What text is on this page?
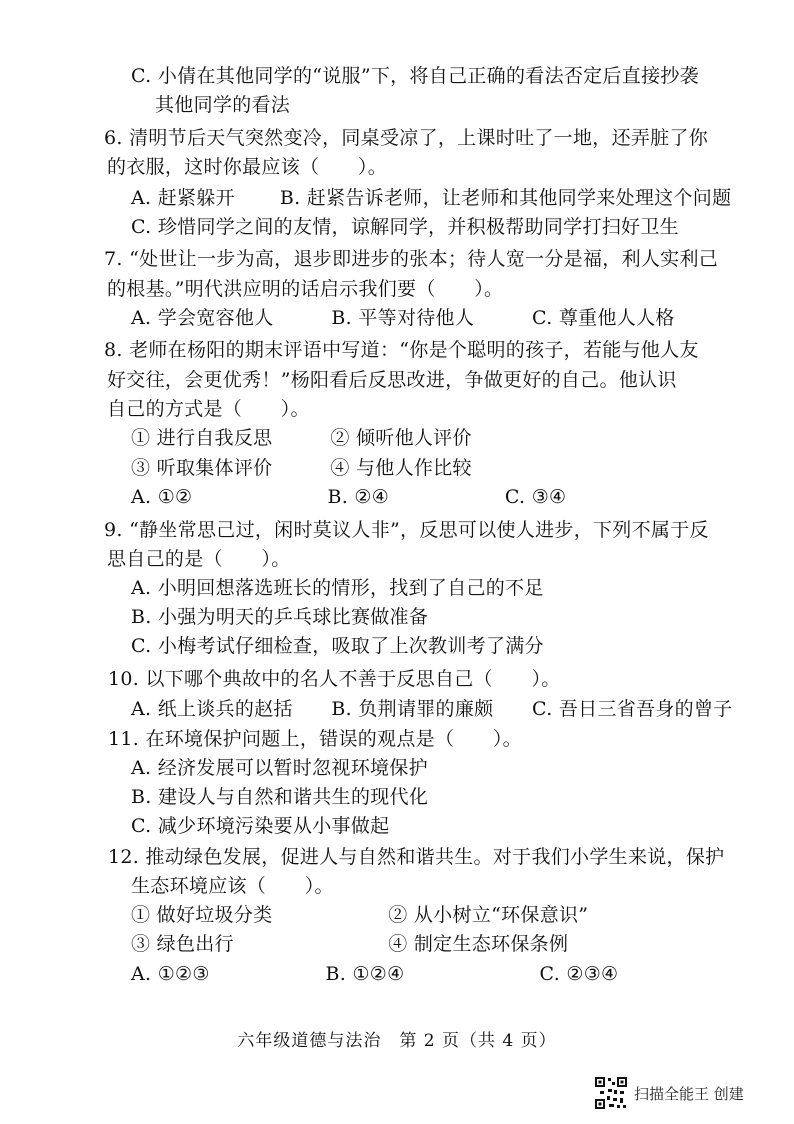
C. 小倩在其他同学的“说服”下，将自己正确的看法否定后直接抄袭
其他同学的看法
6. 清明节后天气突然变冷，同桌受凉了，上课时吐了一地，还弄脏了你
的衣服，这时你最应该（　　）。
A. 赶紧躲开　　 B. 赶紧告诉老师，让老师和其他同学来处理这个问题
C. 珍惜同学之间的友情，谅解同学，并积极帮助同学打扫好卫生
7. “处世让一步为高，退步即进步的张本；待人宽一分是福，利人实利己
的根基。”明代洪应明的话启示我们要（　　）。
A. 学会宽容他人　　　B. 平等对待他人　　　C. 尊重他人人格
8. 老师在杨阳的期末评语中写道：“你是个聪明的孩子，若能与他人友
好交往，会更优秀！”杨阳看后反思改进，争做更好的自己。他认识
自己的方式是（　　）。
① 进行自我反思　　　② 倾听他人评价
③ 听取集体评价　　　④ 与他人作比较
A. ①②　　　　　　　B. ②④　　　　　　C. ③④
9. “静坐常思己过，闲时莫议人非”，反思可以使人进步，下列不属于反
思自己的是（　　）。
A. 小明回想落选班长的情形，找到了自己的不足
B. 小强为明天的乒乓球比赛做准备
C. 小梅考试仔细检查，吸取了上次教训考了满分
10. 以下哪个典故中的名人不善于反思自己（　　）。
A. 纸上谈兵的赵括　　B. 负荆请罪的廉颇　　C. 吾日三省吾身的曾子
11. 在环境保护问题上，错误的观点是（　　）。
A. 经济发展可以暂时忽视环境保护
B. 建设人与自然和谐共生的现代化
C. 减少环境污染要从小事做起
12. 推动绿色发展，促进人与自然和谐共生。对于我们小学生来说，保护
生态环境应该（　　）。
① 做好垃圾分类　　　　　　② 从小树立“环保意识”
③ 绿色出行　　　　　　　　④ 制定生态环保条例
A. ①②③　　　　　　B. ①②④　　　　　　　C. ②③④
六年级道德与法治　第 2 页（共 4 页）
扫描全能王 创建
